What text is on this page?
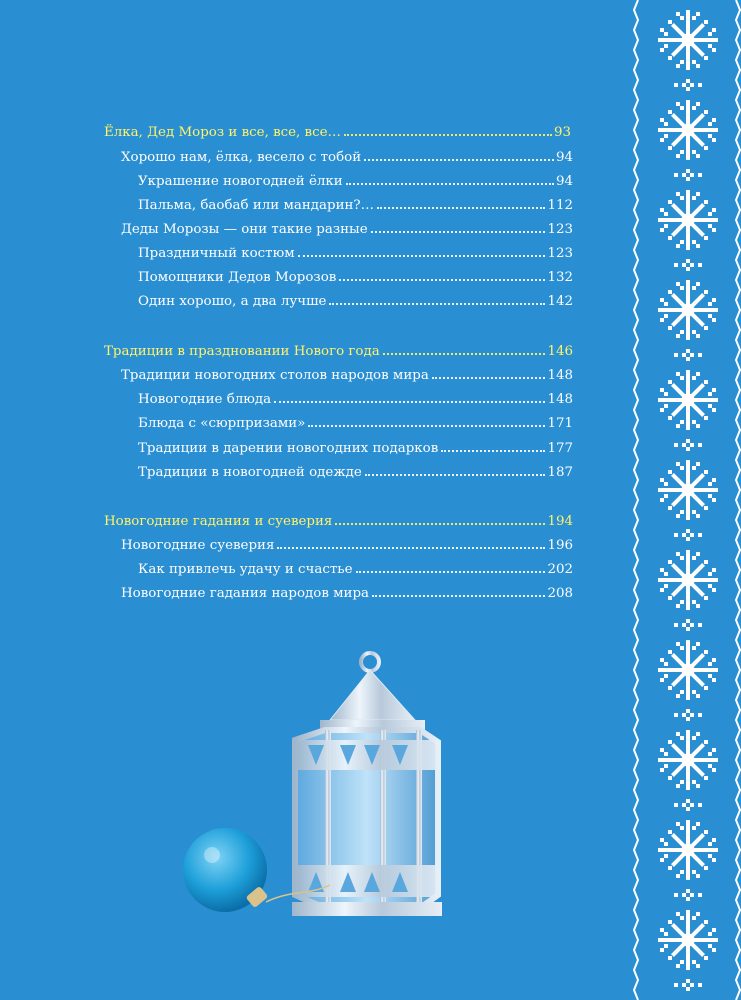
Ёлка, Дед Мороз и все, все, все…	93
Хорошо нам, ёлка, весело с тобой	94
Украшение новогодней ёлки	94
Пальма, баобаб или мандарин?…	112
Деды Морозы — они такие разные	123
Праздничный костюм	123
Помощники Дедов Морозов	132
Один хорошо, а два лучше	142
Традиции в праздновании Нового года	146
Традиции новогодних столов народов мира	148
Новогодние блюда	148
Блюда с «сюрпризами»	171
Традиции в дарении новогодних подарков	177
Традиции в новогодней одежде	187
Новогодние гадания и суеверия	194
Новогодние суеверия	196
Как привлечь удачу и счастье	202
Новогодние гадания народов мира	208
